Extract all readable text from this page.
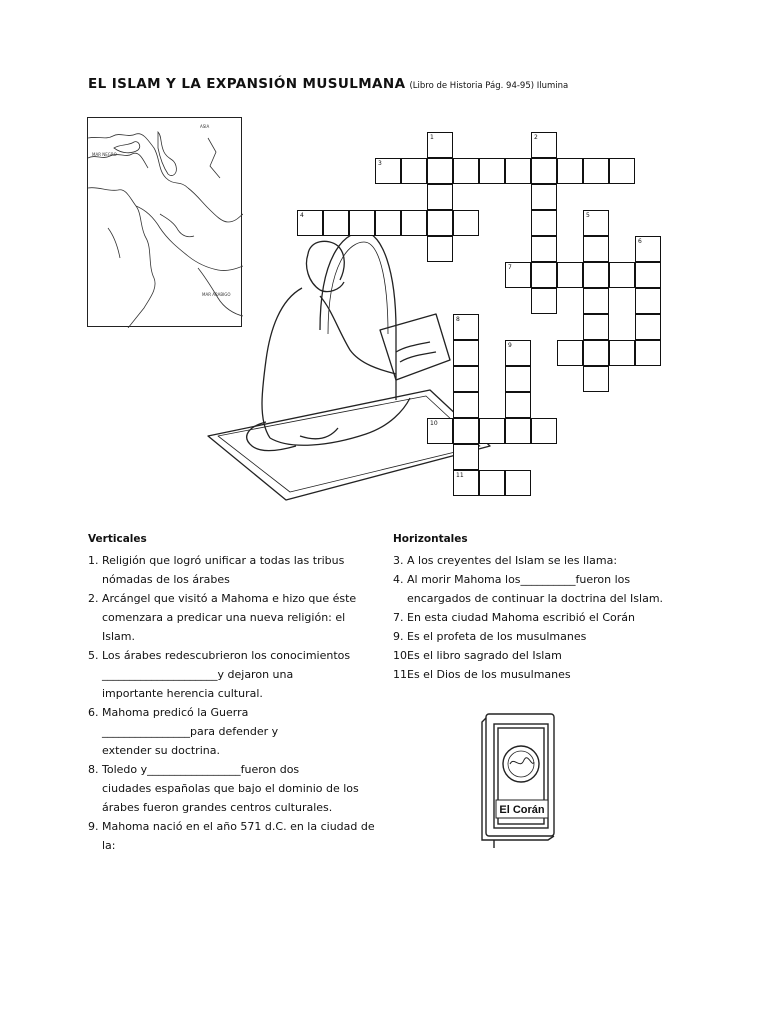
EL ISLAM Y LA EXPANSIÓN MUSULMANA (Libro de Historia Pág. 94-95) Ilumina
MAR NEGRO
ASIA
MAR ARABIGO
1	2
3
4	5
6
7
8
9
10
11
Verticales
1. Religión que logró unificar a todas las tribus
nómadas de los árabes
2. Arcángel que visitó a Mahoma e hizo que éste
comenzara a predicar una nueva religión: el
Islam.
5. Los árabes redescubrieron los conocimientos
_____________________y dejaron una
importante herencia cultural.
6. Mahoma predicó la Guerra
________________para defender y
extender su doctrina.
8. Toledo y_________________fueron dos
ciudades españolas que bajo el dominio de los
árabes fueron grandes centros culturales.
9. Mahoma nació en el año 571 d.C. en la ciudad de
la:
Horizontales
3. A los creyentes del Islam se les llama:
4. Al morir Mahoma los__________fueron los
encargados de continuar la doctrina del Islam.
7. En esta ciudad Mahoma escribió el Corán
9. Es el profeta de los musulmanes
10.
Es el libro sagrado del Islam
11.
Es el Dios de los musulmanes
El Corán
